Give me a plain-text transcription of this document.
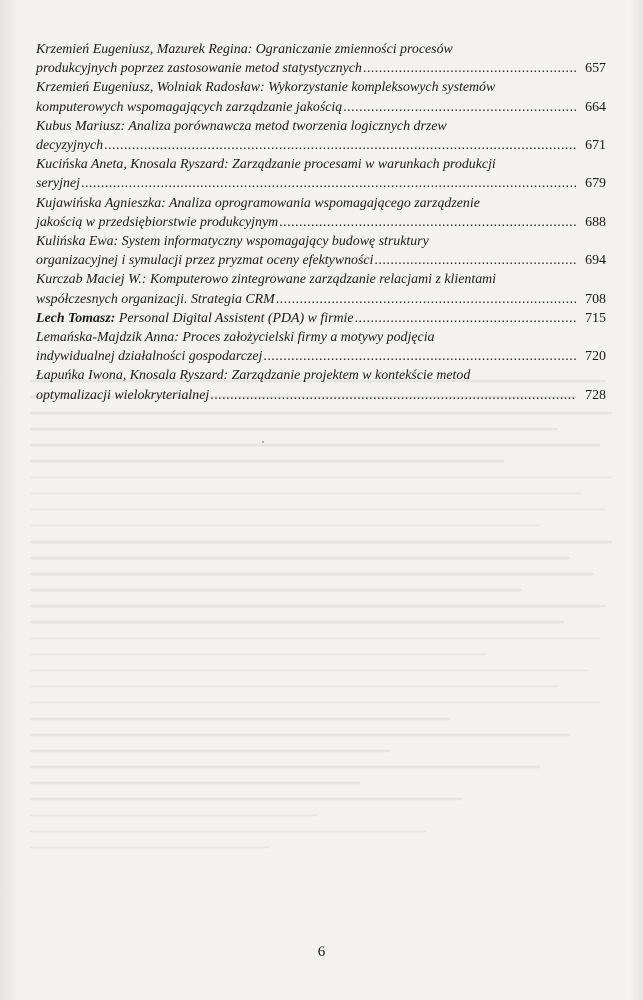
Krzemień Eugeniusz, Mazurek Regina: Ograniczanie zmienności procesów
produkcyjnych poprzez zastosowanie metod statystycznych .....	657
Krzemień Eugeniusz, Wolniak Radosław: Wykorzystanie kompleksowych systemów
komputerowych wspomagających zarządzanie jakością .....	664
Kubus Mariusz: Analiza porównawcza metod tworzenia logicznych drzew
decyzyjnych .....	671
Kucińska Aneta, Knosala Ryszard: Zarządzanie procesami w warunkach produkcji
seryjnej .....	679
Kujawińska Agnieszka: Analiza oprogramowania wspomagającego zarządzenie
jakością w przedsiębiorstwie produkcyjnym .....	688
Kulińska Ewa: System informatyczny wspomagający budowę struktury
organizacyjnej i symulacji przez pryzmat oceny efektywności .....	694
Kurczab Maciej W.: Komputerowo zintegrowane zarządzanie relacjami z klientami
współczesnych organizacji. Strategia CRM .....	708
Lech Tomasz: Personal Digital Assistent (PDA) w firmie .....	715
Lemańska-Majdzik Anna: Proces założycielski firmy a motywy podjęcia
indywidualnej działalności gospodarczej .....	720
Łapuńka Iwona, Knosala Ryszard: Zarządzanie projektem w kontekście metod
optymalizacji wielokryterialnej .....	728
6
